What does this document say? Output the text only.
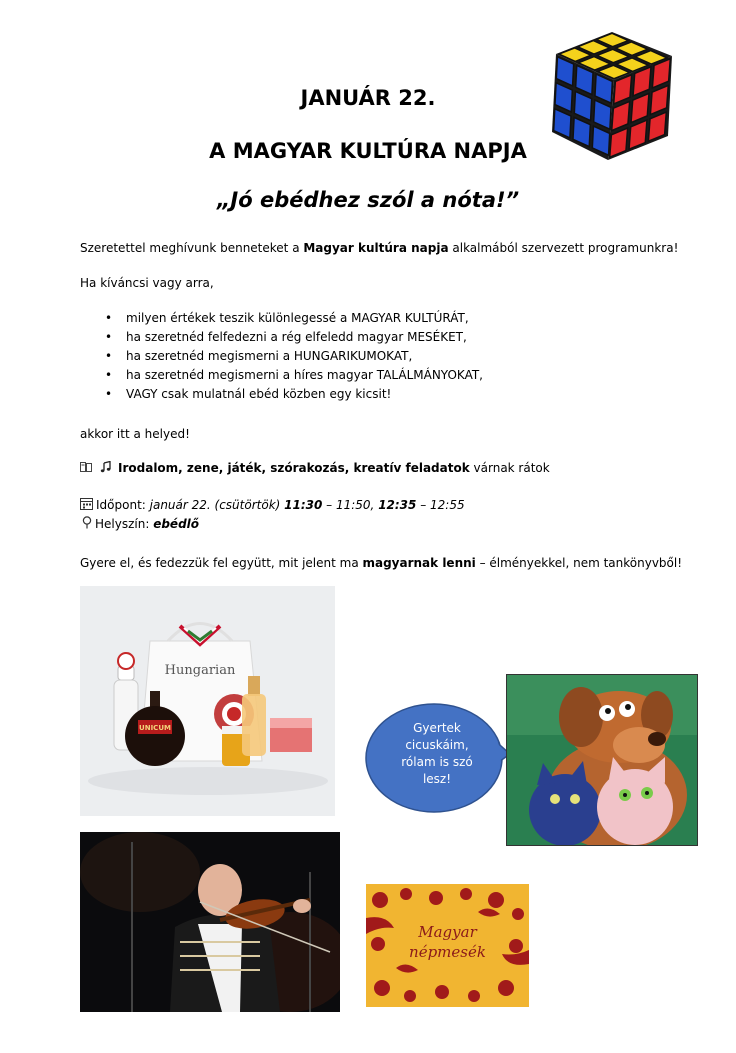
JANUÁR 22.
A MAGYAR KULTÚRA NAPJA
„Jó ebédhez szól a nóta!”
Szeretettel meghívunk benneteket a Magyar kultúra napja alkalmából szervezett programunkra!
Ha kíváncsi vagy arra,
• milyen értékek teszik különlegessé a MAGYAR KULTÚRÁT,
• ha szeretnéd felfedezni a rég elfeledd magyar MESÉKET,
• ha szeretnéd megismerni a HUNGARIKUMOKAT,
• ha szeretnéd megismerni a híres magyar TALÁLMÁNYOKAT,
• VAGY csak mulatnál ebéd közben egy kicsit!
akkor itt a helyed!
Irodalom, zene, játék, szórakozás, kreatív feladatok várnak rátok
Időpont: január 22. (csütörtök) 11:30 – 11:50, 12:35 – 12:55
Helyszín: ebédlő
Gyere el, és fedezzük fel együtt, mit jelent ma magyarnak lenni – élményekkel, nem tankönyvből!
Hungarian
UNICUM	Gyertek
cicuskáim,
rólam is szó
lesz!
Magyar
népmesék
